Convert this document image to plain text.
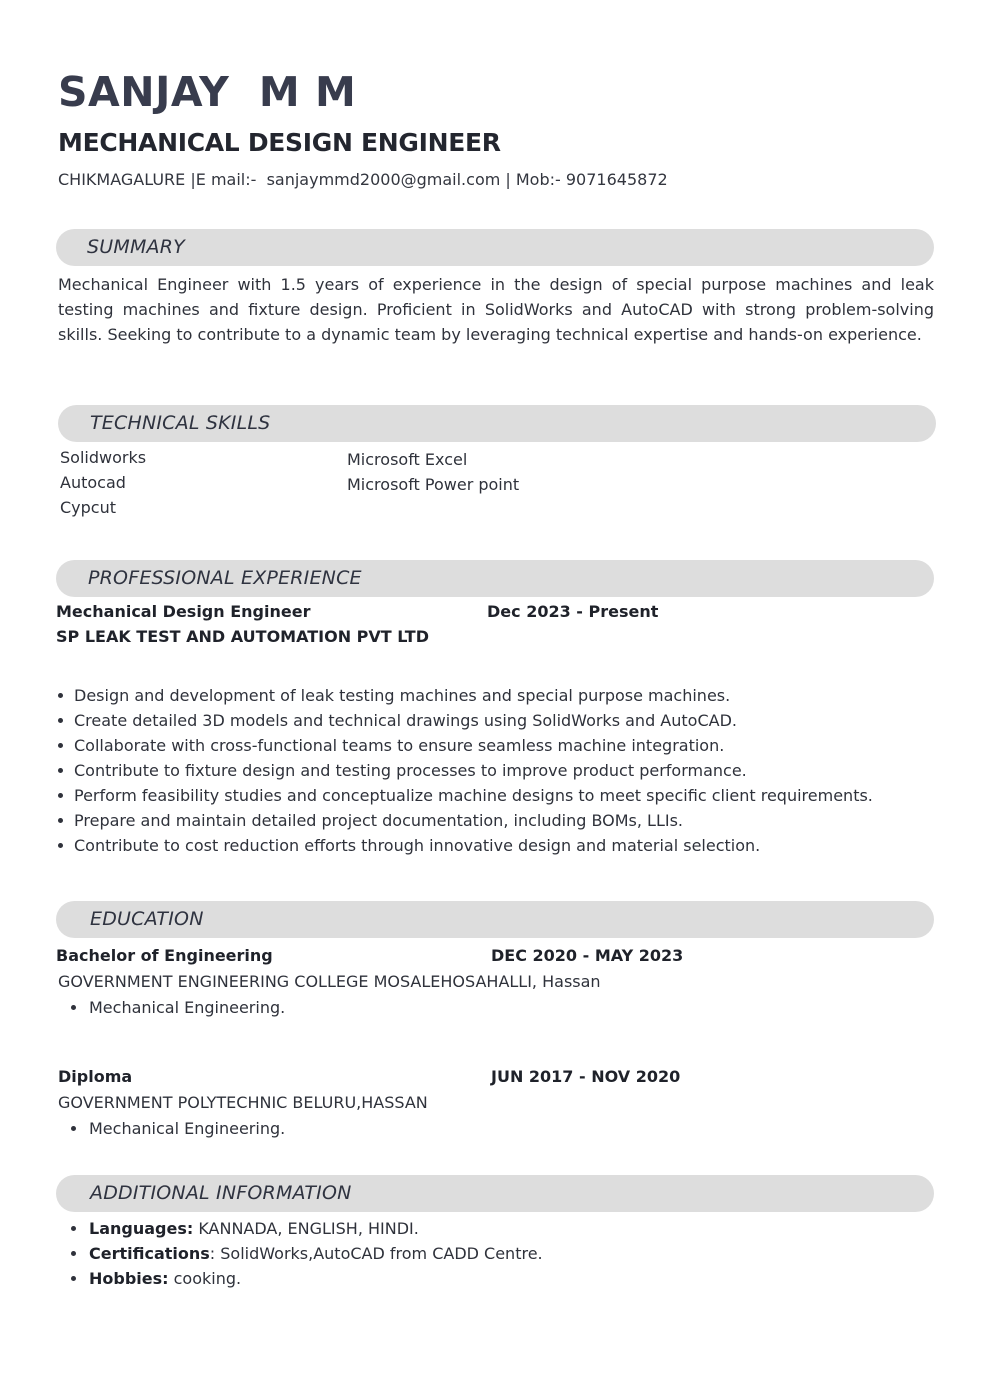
SANJAY  M M
MECHANICAL DESIGN ENGINEER
CHIKMAGALURE |E mail:-  sanjaymmd2000@gmail.com | Mob:- 9071645872
SUMMARY
Mechanical Engineer with 1.5 years of experience in the design of special purpose machines and leak testing machines and fixture design. Proficient in SolidWorks and AutoCAD with strong problem-solving skills. Seeking to contribute to a dynamic team by leveraging technical expertise and hands-on experience.
TECHNICAL SKILLS
Solidworks
Autocad
Cypcut
Microsoft Excel
Microsoft Power point
PROFESSIONAL EXPERIENCE
Mechanical Design Engineer	Dec 2023 - Present
SP LEAK TEST AND AUTOMATION PVT LTD
Design and development of leak testing machines and special purpose machines.
Create detailed 3D models and technical drawings using SolidWorks and AutoCAD.
Collaborate with cross-functional teams to ensure seamless machine integration.
Contribute to fixture design and testing processes to improve product performance.
Perform feasibility studies and conceptualize machine designs to meet specific client requirements.
Prepare and maintain detailed project documentation, including BOMs, LLIs.
Contribute to cost reduction efforts through innovative design and material selection.
EDUCATION
Bachelor of Engineering	DEC 2020 - MAY 2023
GOVERNMENT ENGINEERING COLLEGE MOSALEHOSAHALLI, Hassan
Mechanical Engineering.
Diploma	JUN 2017 - NOV 2020
GOVERNMENT POLYTECHNIC BELURU,HASSAN
Mechanical Engineering.
ADDITIONAL INFORMATION
Languages: KANNADA, ENGLISH, HINDI.
Certifications: SolidWorks,AutoCAD from CADD Centre.
Hobbies: cooking.
